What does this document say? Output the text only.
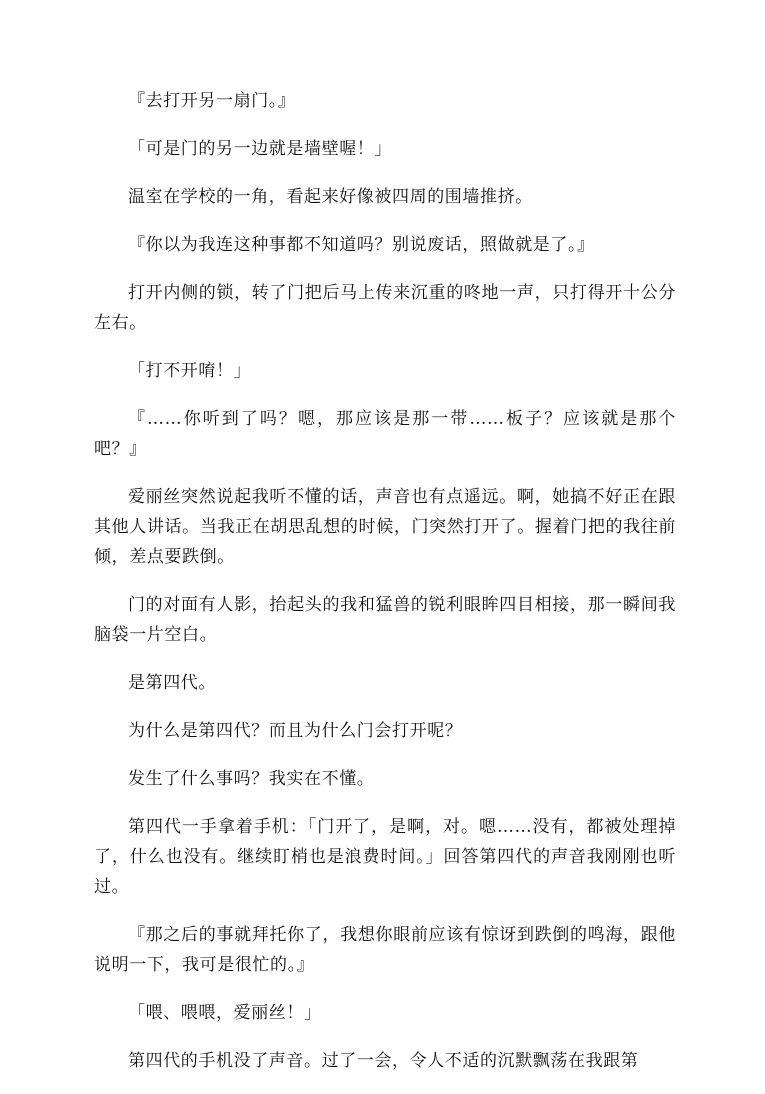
『去打开另一扇门。』

「可是门的另一边就是墙壁喔！」

温室在学校的一角，看起来好像被四周的围墙推挤。

『你以为我连这种事都不知道吗？别说废话，照做就是了。』

打开内侧的锁，转了门把后马上传来沉重的咚地一声，只打得开十公分左右。

「打不开唷！」

『……你听到了吗？嗯，那应该是那一带……板子？应该就是那个吧？』

爱丽丝突然说起我听不懂的话，声音也有点遥远。啊，她搞不好正在跟其他人讲话。当我正在胡思乱想的时候，门突然打开了。握着门把的我往前倾，差点要跌倒。

门的对面有人影，抬起头的我和猛兽的锐利眼眸四目相接，那一瞬间我脑袋一片空白。

是第四代。

为什么是第四代？而且为什么门会打开呢？

发生了什么事吗？我实在不懂。

第四代一手拿着手机：「门开了，是啊，对。嗯……没有，都被处理掉了，什么也没有。继续盯梢也是浪费时间。」回答第四代的声音我刚刚也听过。

『那之后的事就拜托你了，我想你眼前应该有惊讶到跌倒的鸣海，跟他说明一下，我可是很忙的。』

「喂、喂喂，爱丽丝！」

第四代的手机没了声音。过了一会，令人不适的沉默飘荡在我跟第
